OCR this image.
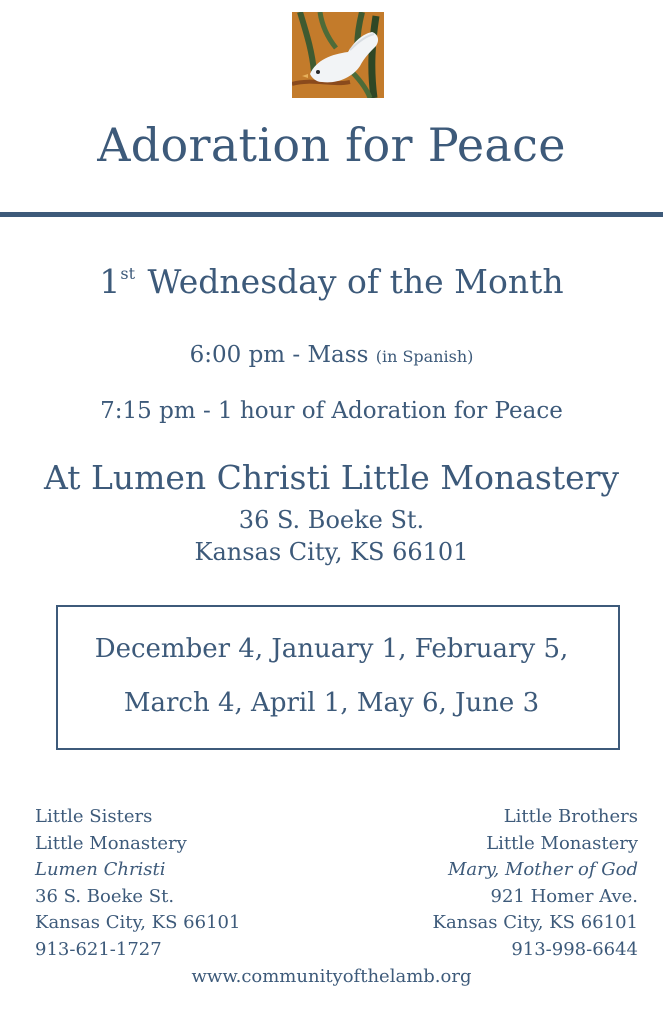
Adoration for Peace
1st Wednesday of the Month
6:00 pm - Mass (in Spanish)
7:15 pm - 1 hour of Adoration for Peace
At Lumen Christi Little Monastery
36 S. Boeke St.
Kansas City, KS 66101
December 4, January 1, February 5,
March 4, April 1, May 6, June 3
Little Sisters
Little Monastery
Lumen Christi
36 S. Boeke St.
Kansas City, KS 66101
913-621-1727
Little Brothers
Little Monastery
Mary, Mother of God
921 Homer Ave.
Kansas City, KS 66101
913-998-6644
www.communityofthelamb.org
